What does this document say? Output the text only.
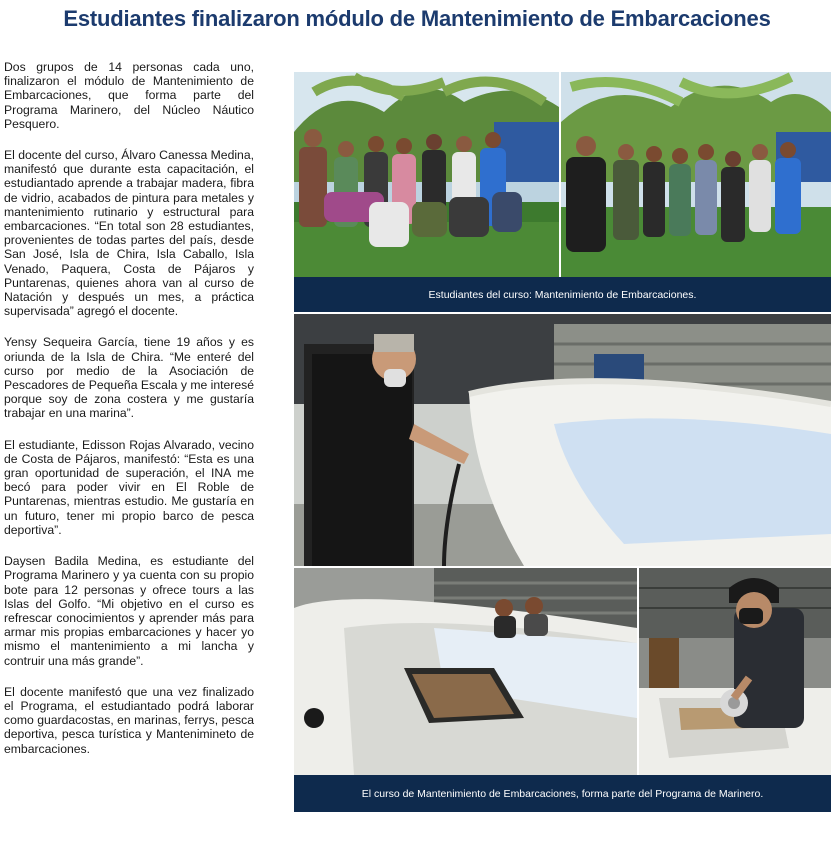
Estudiantes finalizaron módulo de Mantenimiento de Embarcaciones

Dos grupos de 14 personas cada uno, finalizaron el módulo de Mantenimiento de Embarcaciones, que forma parte del Programa Marinero, del Núcleo Náutico Pesquero.

El docente del curso, Álvaro Canessa Medina, manifestó que durante esta capacitación, el estudiantado aprende a trabajar madera, fibra de vidrio, acabados de pintura para metales y mantenimiento rutinario y estructural para embarcaciones. “En total son 28 estudiantes, provenientes de todas partes del país, desde San José, Isla de Chira, Isla Caballo, Isla Venado, Paquera, Costa de Pájaros y Puntarenas, quienes ahora van al curso de Natación y después un mes, a práctica supervisada” agregó el docente.

Yensy Sequeira García, tiene 19 años y es oriunda de la Isla de Chira. “Me enteré del curso por medio de la Asociación de Pescadores de Pequeña Escala y me interesé porque soy de zona costera y me gustaría trabajar en una marina”.

El estudiante, Edisson Rojas Alvarado, vecino de Costa de Pájaros, manifestó: “Esta es una gran oportunidad de superación, el INA me becó para poder vivir en El Roble de Puntarenas, mientras estudio. Me gustaría en un futuro, tener mi propio barco de pesca deportiva”.

Daysen Badila Medina, es estudiante del Programa Marinero y ya cuenta con su propio bote para 12 personas y ofrece tours a las Islas del Golfo. “Mi objetivo en el curso es refrescar conocimientos y aprender más para armar mis propias embarcaciones y hacer yo mismo el mantenimiento a mi lancha y contruir una más grande”.

El docente manifestó que una vez finalizado el Programa, el estudiantado podrá laborar como guardacostas, en marinas, ferrys, pesca deportiva, pesca turística y Mantenimineto de embarcaciones.

Estudiantes del curso: Mantenimiento de Embarcaciones.
El curso de Mantenimiento de Embarcaciones, forma parte del Programa de Marinero.
